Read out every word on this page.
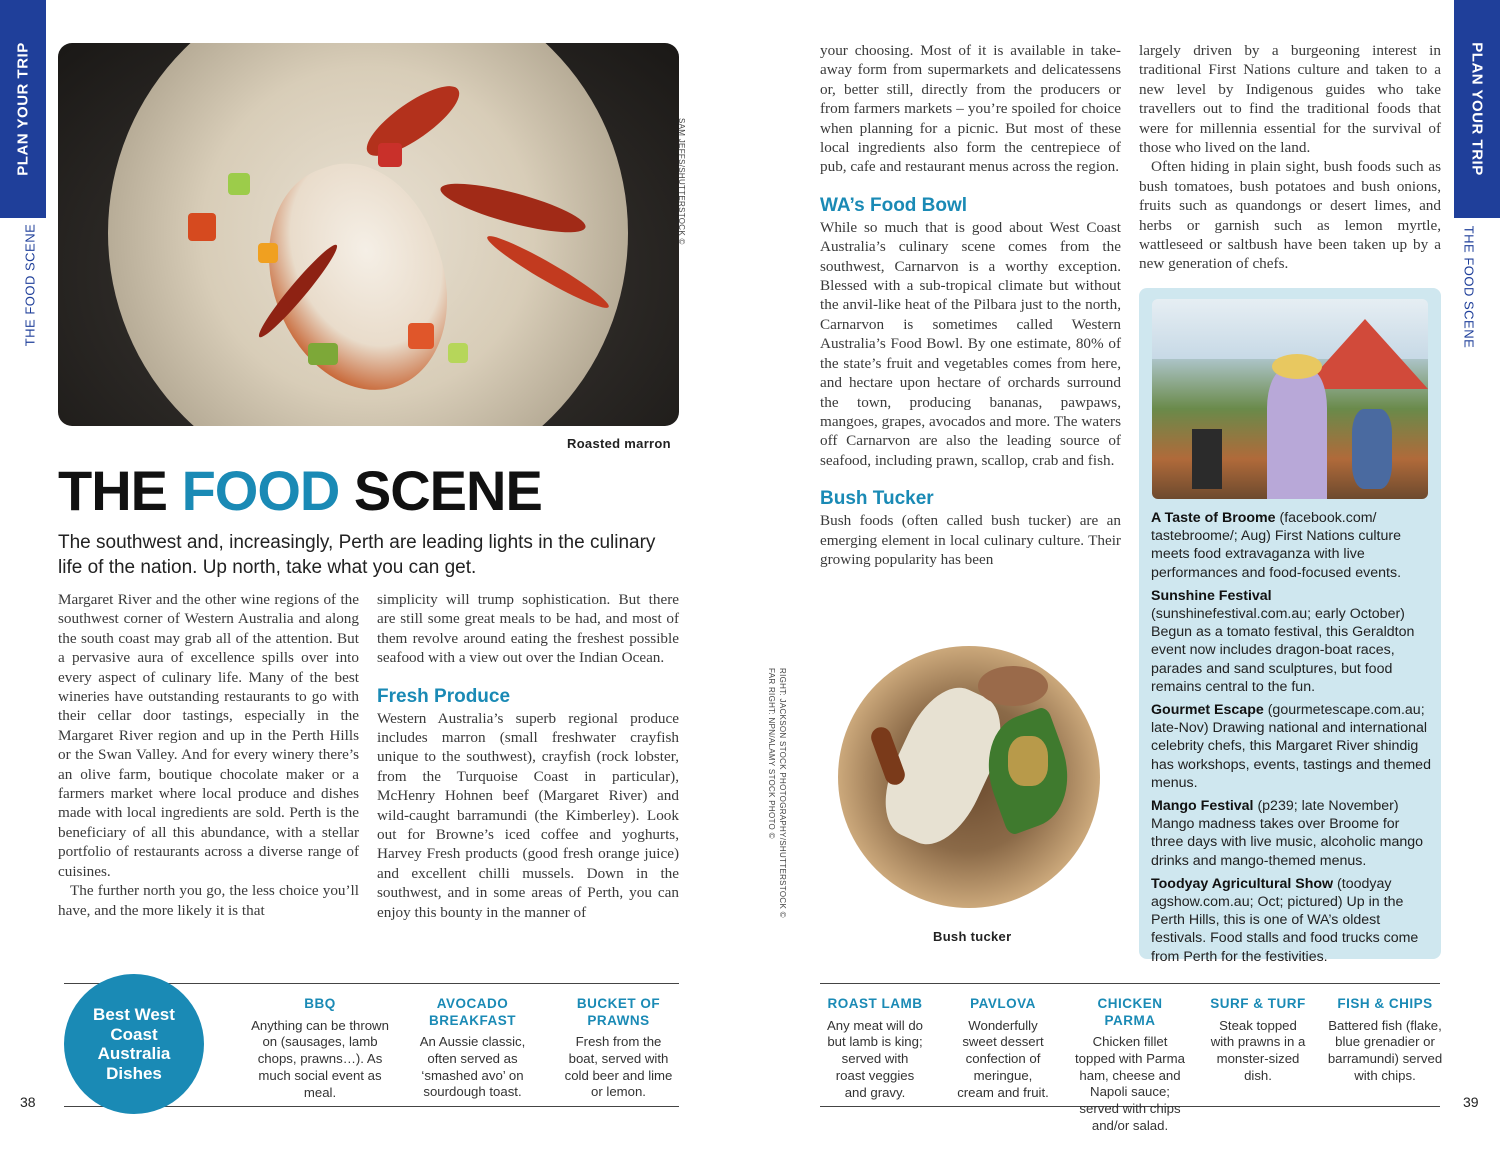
PLAN YOUR TRIP
THE FOOD SCENE
PLAN YOUR TRIP
THE FOOD SCENE
SAM JEFFS/SHUTTERSTOCK ©
Roasted marron
THE FOOD SCENE
The southwest and, increasingly, Perth are leading lights in the culinary life of the nation. Up north, take what you can get.

Margaret River and the other wine regions of the southwest corner of Western Australia and along the south coast may grab all of the attention. But a pervasive aura of excellence spills over into every aspect of culinary life. Many of the best wineries have outstanding restaurants to go with their cellar door tastings, especially in the Margaret River region and up in the Perth Hills or the Swan Valley. And for every winery there’s an olive farm, boutique chocolate maker or a farmers market where local produce and dishes made with local ingredients are sold. Perth is the beneficiary of all this abundance, with a stellar portfolio of restaurants across a diverse range of cuisines.

The further north you go, the less choice you’ll have, and the more likely it is that

simplicity will trump sophistication. But there are still some great meals to be had, and most of them revolve around eating the freshest possible seafood with a view out over the Indian Ocean.

Fresh Produce

Western Australia’s superb regional produce includes marron (small freshwater crayfish unique to the southwest), crayfish (rock lobster, from the Turquoise Coast in particular), McHenry Hohnen beef (Margaret River) and wild-caught barramundi (the Kimberley). Look out for Browne’s iced coffee and yoghurts, Harvey Fresh products (good fresh orange juice) and excellent chilli mussels. Down in the southwest, and in some areas of Perth, you can enjoy this bounty in the manner of

your choosing. Most of it is available in take-away form from supermarkets and delicatessens or, better still, directly from the producers or from farmers markets – you’re spoiled for choice when planning for a picnic. But most of these local ingredients also form the centrepiece of pub, cafe and restaurant menus across the region.

WA’s Food Bowl

While so much that is good about West Coast Australia’s culinary scene comes from the southwest, Carnarvon is a worthy exception. Blessed with a sub-tropical climate but without the anvil-like heat of the Pilbara just to the north, Carnarvon is sometimes called Western Australia’s Food Bowl. By one estimate, 80% of the state’s fruit and vegetables comes from here, and hectare upon hectare of orchards surround the town, producing bananas, pawpaws, mangoes, grapes, avocados and more. The waters off Carnarvon are also the leading source of seafood, including prawn, scallop, crab and fish.

Bush Tucker

Bush foods (often called bush tucker) are an emerging element in local culinary culture. Their growing popularity has been

RIGHT: JACKSON STOCK PHOTOGRAPHY/SHUTTERSTOCK ©
FAR RIGHT: NPN/ALAMY STOCK PHOTO ©
Bush tucker

largely driven by a burgeoning interest in traditional First Nations culture and taken to a new level by Indigenous guides who take travellers out to find the traditional foods that were for millennia essential for the survival of those who lived on the land.

Often hiding in plain sight, bush foods such as bush tomatoes, bush potatoes and bush onions, fruits such as quandongs or desert limes, and herbs or garnish such as lemon myrtle, wattleseed or saltbush have been taken up by a new generation of chefs.

A Taste of Broome (facebook.com/ tastebroome/; Aug) First Nations culture meets food extravaganza with live performances and food-focused events.

Sunshine Festival (sunshinefestival.com.au; early October) Begun as a tomato festival, this Geraldton event now includes dragon-boat races, parades and sand sculptures, but food remains central to the fun.

Gourmet Escape (gourmetescape.com.au; late-Nov) Drawing national and international celebrity chefs, this Margaret River shindig has workshops, events, tastings and themed menus.

Mango Festival (p239; late November) Mango madness takes over Broome for three days with live music, alcoholic mango drinks and mango-themed menus.

Toodyay Agricultural Show (toodyay agshow.com.au; Oct; pictured) Up in the Perth Hills, this is one of WA’s oldest festivals. Food stalls and food trucks come from Perth for the festivities.

Best West Coast Australia Dishes
BBQ
Anything can be thrown on (sausages, lamb chops, prawns…). As much social event as meal.
AVOCADO BREAKFAST
An Aussie classic, often served as ‘smashed avo’ on sourdough toast.
BUCKET OF PRAWNS
Fresh from the boat, served with cold beer and lime or lemon.
ROAST LAMB
Any meat will do but lamb is king; served with roast veggies and gravy.
PAVLOVA
Wonderfully sweet dessert confection of meringue, cream and fruit.
CHICKEN PARMA
Chicken fillet topped with Parma ham, cheese and Napoli sauce; served with chips and/or salad.
SURF & TURF
Steak topped with prawns in a monster-sized dish.
FISH & CHIPS
Battered fish (flake, blue grenadier or barramundi) served with chips.
38	39
